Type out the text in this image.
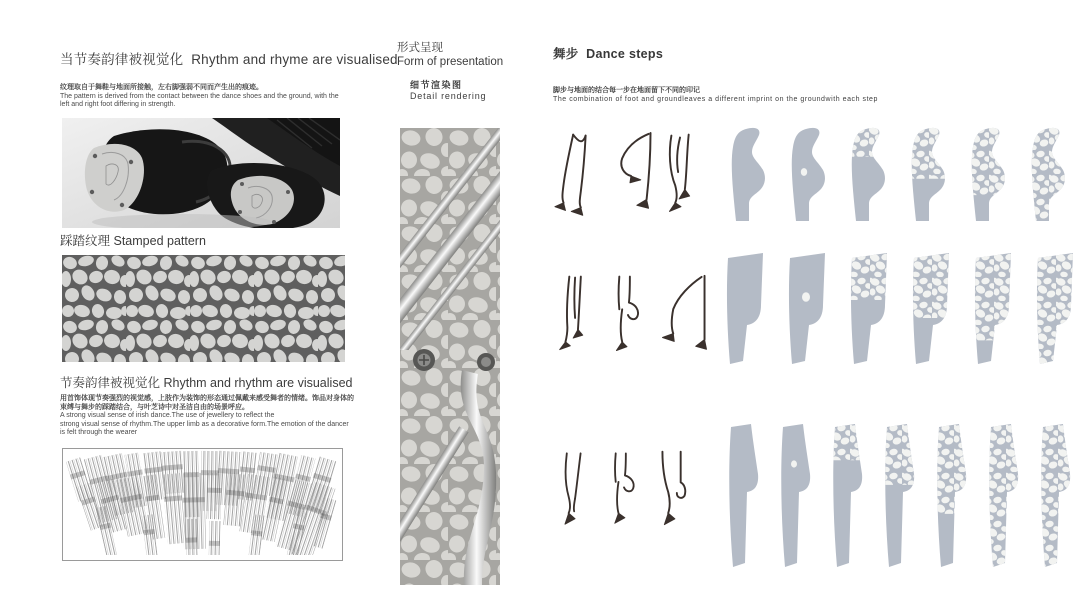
当节奏韵律被视觉化 Rhythm and rhyme are visualised
纹理取自于舞鞋与地面所接触，左右脚强弱不同而产生出的痕迹。
The pattern is derived from the contact between the dance shoes and the ground, with the
left and right foot differing in strength.
踩踏纹理 Stamped pattern
节奏韵律被视觉化 Rhythm and rhythm are visualised
用首饰体现节奏强烈的视觉感，上肢作为装饰的形态通过佩戴来感受舞者的情绪。饰品对身体的
束缚与舞步的踩踏结合，与叶芝诗中对圣洁自由的场景呼应。
A strong visual sense of irish dance.The use of jewellery to reflect the
strong visual sense of rhythm.The upper limb as a decorative form.The emotion of the dancer
is felt through the wearer
形式呈现
Form of presentation
细节渲染图
Detail rendering
舞步 Dance steps
脚步与地面的结合每一步在地面留下不同的印记
The combination of foot and groundleaves a different imprint on the groundwith each step
